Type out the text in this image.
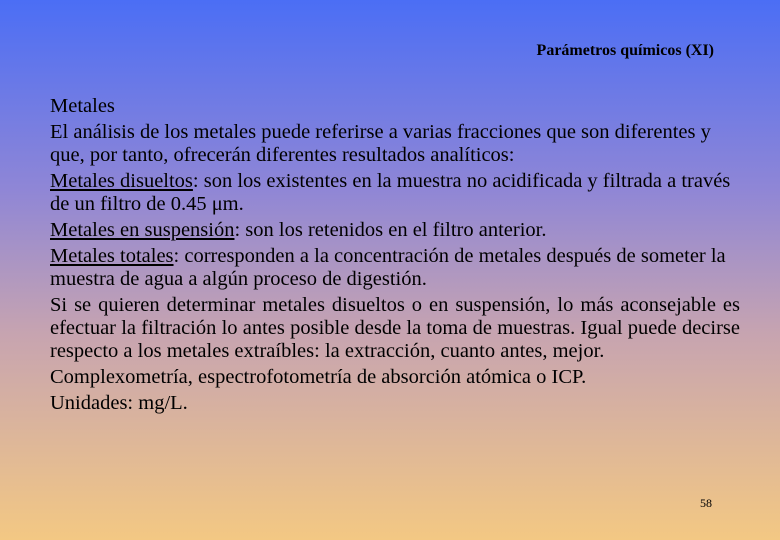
Parámetros químicos (XI)
Metales
El análisis de los metales puede referirse a varias fracciones que son diferentes y que, por tanto, ofrecerán diferentes resultados analíticos:
Metales disueltos: son los existentes en la muestra no acidificada y filtrada a través de un filtro de 0.45 μm.
Metales en suspensión: son los retenidos en el filtro anterior.
Metales totales: corresponden a la concentración de metales después de someter la muestra de agua a algún proceso de digestión.
Si se quieren determinar metales disueltos o en suspensión, lo más aconsejable es efectuar la filtración lo antes posible desde la toma de muestras. Igual puede decirse respecto a los metales extraíbles: la extracción, cuanto antes, mejor.
Complexometría, espectrofotometría de absorción atómica o ICP.
Unidades: mg/L.
58
